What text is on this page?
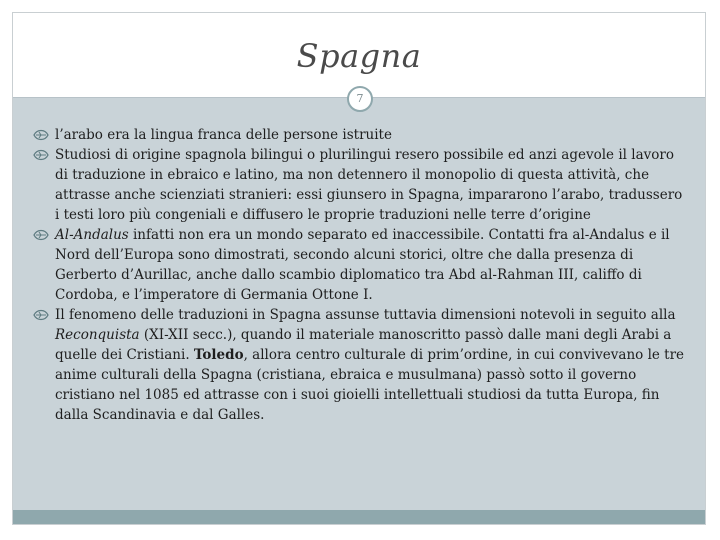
Spagna
7
l’arabo era la lingua franca delle persone istruite
Studiosi di origine spagnola bilingui o plurilingui resero possibile ed anzi agevole il lavoro di traduzione in ebraico e latino, ma non detennero il monopolio di questa attività, che attrasse anche scienziati stranieri: essi giunsero in Spagna, impararono l’arabo, tradussero i testi loro più congeniali e diffusero le proprie traduzioni nelle terre d’origine
Al-Andalus infatti non era un mondo separato ed inaccessibile. Contatti fra al-Andalus e il Nord dell’Europa sono dimostrati, secondo alcuni storici, oltre che dalla presenza di Gerberto d’Aurillac, anche dallo scambio diplomatico tra Abd al-Rahman III, califfo di Cordoba, e l’imperatore di Germania Ottone I.
Il fenomeno delle traduzioni in Spagna assunse tuttavia dimensioni notevoli in seguito alla Reconquista (XI-XII secc.), quando il materiale manoscritto passò dalle mani degli Arabi a quelle dei Cristiani. Toledo, allora centro culturale di prim’ordine, in cui convivevano le tre anime culturali della Spagna (cristiana, ebraica e musulmana) passò sotto il governo cristiano nel 1085 ed attrasse con i suoi gioielli intellettuali studiosi da tutta Europa, fin dalla Scandinavia e dal Galles.
